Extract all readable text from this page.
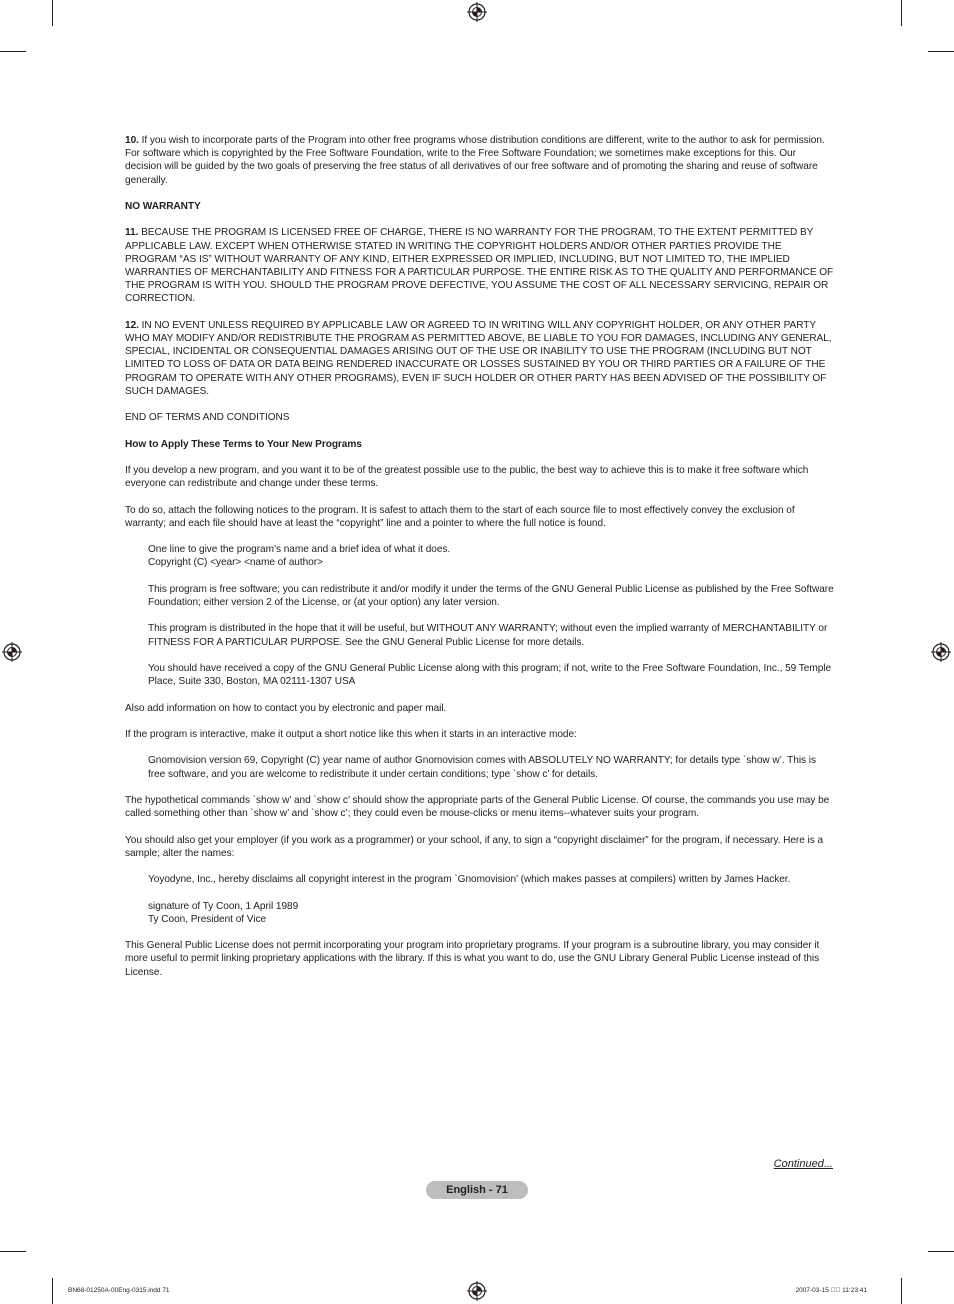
10. If you wish to incorporate parts of the Program into other free programs whose distribution conditions are different, write to the author to ask for permission. For software which is copyrighted by the Free Software Foundation, write to the Free Software Foundation; we sometimes make exceptions for this. Our decision will be guided by the two goals of preserving the free status of all derivatives of our free software and of promoting the sharing and reuse of software generally.

NO WARRANTY

11. BECAUSE THE PROGRAM IS LICENSED FREE OF CHARGE, THERE IS NO WARRANTY FOR THE PROGRAM, TO THE EXTENT PERMITTED BY APPLICABLE LAW. EXCEPT WHEN OTHERWISE STATED IN WRITING THE COPYRIGHT HOLDERS AND/OR OTHER PARTIES PROVIDE THE PROGRAM “AS IS” WITHOUT WARRANTY OF ANY KIND, EITHER EXPRESSED OR IMPLIED, INCLUDING, BUT NOT LIMITED TO, THE IMPLIED WARRANTIES OF MERCHANTABILITY AND FITNESS FOR A PARTICULAR PURPOSE. THE ENTIRE RISK AS TO THE QUALITY AND PERFORMANCE OF THE PROGRAM IS WITH YOU. SHOULD THE PROGRAM PROVE DEFECTIVE, YOU ASSUME THE COST OF ALL NECESSARY SERVICING, REPAIR OR CORRECTION.

12. IN NO EVENT UNLESS REQUIRED BY APPLICABLE LAW OR AGREED TO IN WRITING WILL ANY COPYRIGHT HOLDER, OR ANY OTHER PARTY WHO MAY MODIFY AND/OR REDISTRIBUTE THE PROGRAM AS PERMITTED ABOVE, BE LIABLE TO YOU FOR DAMAGES, INCLUDING ANY GENERAL, SPECIAL, INCIDENTAL OR CONSEQUENTIAL DAMAGES ARISING OUT OF THE USE OR INABILITY TO USE THE PROGRAM (INCLUDING BUT NOT LIMITED TO LOSS OF DATA OR DATA BEING RENDERED INACCURATE OR LOSSES SUSTAINED BY YOU OR THIRD PARTIES OR A FAILURE OF THE PROGRAM TO OPERATE WITH ANY OTHER PROGRAMS), EVEN IF SUCH HOLDER OR OTHER PARTY HAS BEEN ADVISED OF THE POSSIBILITY OF SUCH DAMAGES.

END OF TERMS AND CONDITIONS

How to Apply These Terms to Your New Programs

If you develop a new program, and you want it to be of the greatest possible use to the public, the best way to achieve this is to make it free software which everyone can redistribute and change under these terms.

To do so, attach the following notices to the program. It is safest to attach them to the start of each source file to most effectively convey the exclusion of warranty; and each file should have at least the “copyright” line and a pointer to where the full notice is found.

One line to give the program’s name and a brief idea of what it does.

Copyright (C) <year> <name of author>

This program is free software; you can redistribute it and/or modify it under the terms of the GNU General Public License as published by the Free Software Foundation; either version 2 of the License, or (at your option) any later version.

This program is distributed in the hope that it will be useful, but WITHOUT ANY WARRANTY; without even the implied warranty of MERCHANTABILITY or FITNESS FOR A PARTICULAR PURPOSE. See the GNU General Public License for more details.

You should have received a copy of the GNU General Public License along with this program; if not, write to the Free Software Foundation, Inc., 59 Temple Place, Suite 330, Boston, MA 02111-1307 USA

Also add information on how to contact you by electronic and paper mail.

If the program is interactive, make it output a short notice like this when it starts in an interactive mode:

Gnomovision version 69, Copyright (C) year name of author Gnomovision comes with ABSOLUTELY NO WARRANTY; for details type `show w’. This is free software, and you are welcome to redistribute it under certain conditions; type `show c’ for details.

The hypothetical commands `show w’ and `show c’ should show the appropriate parts of the General Public License. Of course, the commands you use may be called something other than `show w’ and `show c’; they could even be mouse-clicks or menu items--whatever suits your program.

You should also get your employer (if you work as a programmer) or your school, if any, to sign a “copyright disclaimer” for the program, if necessary. Here is a sample; alter the names:

Yoyodyne, Inc., hereby disclaims all copyright interest in the program `Gnomovision’ (which makes passes at compilers) written by James Hacker.

signature of Ty Coon, 1 April 1989

Ty Coon, President of Vice

This General Public License does not permit incorporating your program into proprietary programs. If your program is a subroutine library, you may consider it more useful to permit linking proprietary applications with the library. If this is what you want to do, use the GNU Library General Public License instead of this License.

Continued...
English - 71
BN68-01250A-00Eng-0315.indd 71	2007-03-15 ￿￿ 11:23:41
